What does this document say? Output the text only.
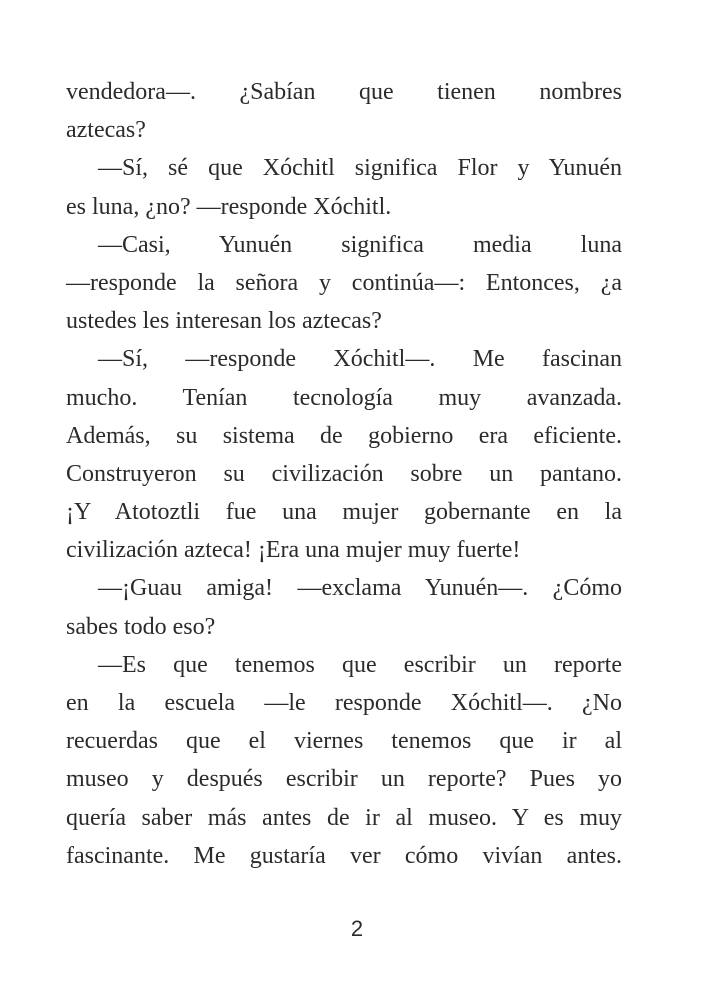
vendedora—. ¿Sabían que tienen nombres
aztecas?
—Sí, sé que Xóchitl significa Flor y Yunuén
es luna, ¿no? —responde Xóchitl.
—Casi, Yunuén significa media luna
—responde la señora y continúa—: Entonces, ¿a
ustedes les interesan los aztecas?
—Sí, —responde Xóchitl—. Me fascinan
mucho. Tenían tecnología muy avanzada.
Además, su sistema de gobierno era eficiente.
Construyeron su civilización sobre un pantano.
¡Y Atotoztli fue una mujer gobernante en la
civilización azteca! ¡Era una mujer muy fuerte!
—¡Guau amiga! —exclama Yunuén—. ¿Cómo
sabes todo eso?
—Es que tenemos que escribir un reporte
en la escuela —le responde Xóchitl—. ¿No
recuerdas que el viernes tenemos que ir al
museo y después escribir un reporte? Pues yo
quería saber más antes de ir al museo. Y es muy
fascinante. Me gustaría ver cómo vivían antes.
2
